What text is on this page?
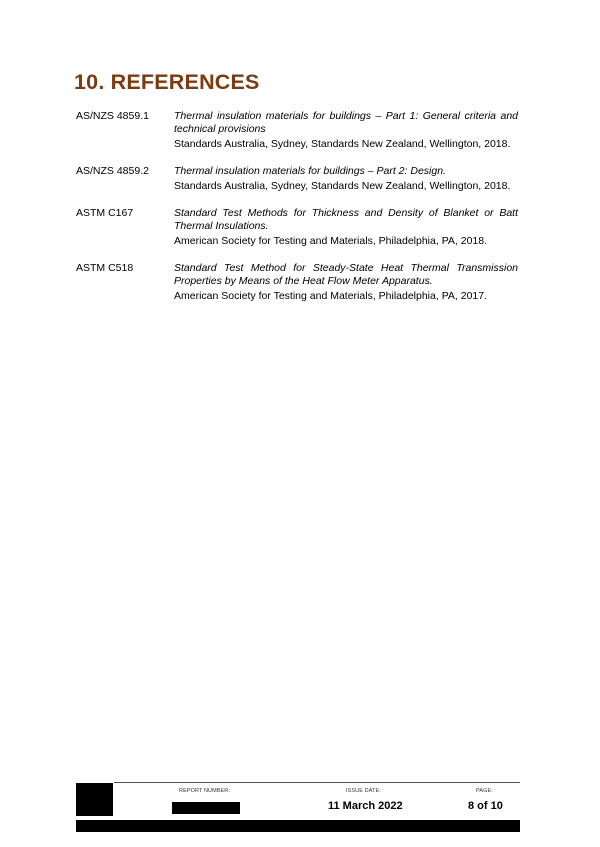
10. REFERENCES
AS/NZS 4859.1	Thermal insulation materials for buildings – Part 1: General criteria and technical provisions
Standards Australia, Sydney, Standards New Zealand, Wellington, 2018.
AS/NZS 4859.2	Thermal insulation materials for buildings – Part 2: Design.
Standards Australia, Sydney, Standards New Zealand, Wellington, 2018.
ASTM C167	Standard Test Methods for Thickness and Density of Blanket or Batt Thermal Insulations.
American Society for Testing and Materials, Philadelphia, PA, 2018.
ASTM C518	Standard Test Method for Steady-State Heat Thermal Transmission Properties by Means of the Heat Flow Meter Apparatus.
American Society for Testing and Materials, Philadelphia, PA, 2017.
REPORT NUMBER:	ISSUE DATE:
11 March 2022
PAGE:
8 of 10
